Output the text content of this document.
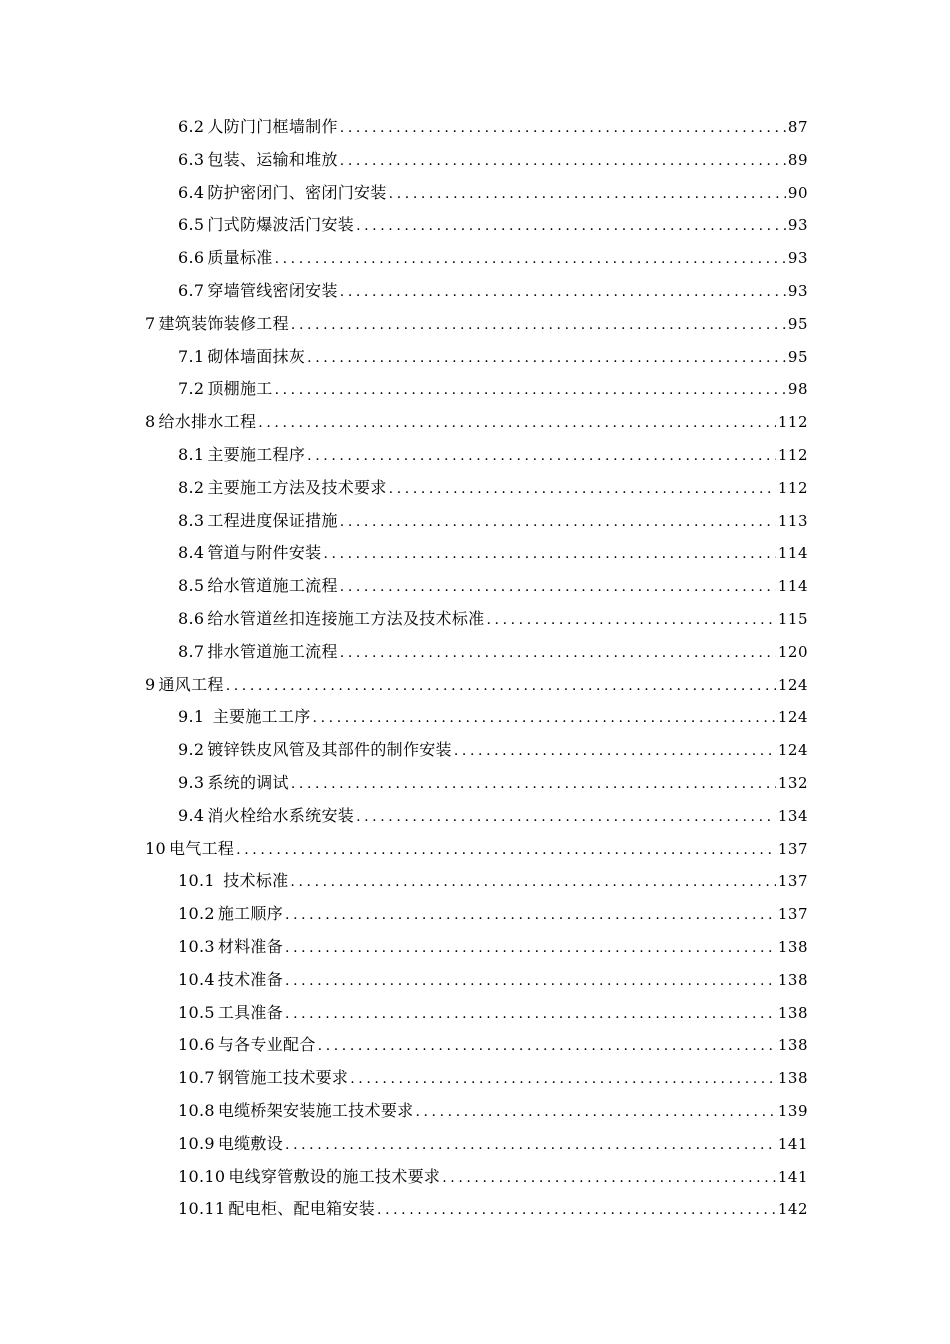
6.2 人防门门框墙制作 .....	87
6.3 包装、运输和堆放 .....	89
6.4 防护密闭门、密闭门安装 .....	90
6.5 门式防爆波活门安装 .....	93
6.6 质量标准 .....	93
6.7 穿墙管线密闭安装 .....	93
7 建筑装饰装修工程 .....	95
7.1 砌体墙面抹灰 .....	95
7.2 顶棚施工 .....	98
8 给水排水工程 .....	112
8.1 主要施工程序 .....	112
8.2 主要施工方法及技术要求 .....	112
8.3 工程进度保证措施 .....	113
8.4 管道与附件安装 .....	114
8.5 给水管道施工流程 .....	114
8.6 给水管道丝扣连接施工方法及技术标准 .....	115
8.7 排水管道施工流程 .....	120
9 通风工程 .....	124
9.1 主要施工工序 .....	124
9.2 镀锌铁皮风管及其部件的制作安装 .....	124
9.3 系统的调试 .....	132
9.4 消火栓给水系统安装 .....	134
10 电气工程 .....	137
10.1 技术标准 .....	137
10.2 施工顺序 .....	137
10.3 材料准备 .....	138
10.4 技术准备 .....	138
10.5 工具准备 .....	138
10.6 与各专业配合 .....	138
10.7 钢管施工技术要求 .....	138
10.8 电缆桥架安装施工技术要求 .....	139
10.9 电缆敷设 .....	141
10.10 电线穿管敷设的施工技术要求 .....	141
10.11 配电柜、配电箱安装 .....	142
